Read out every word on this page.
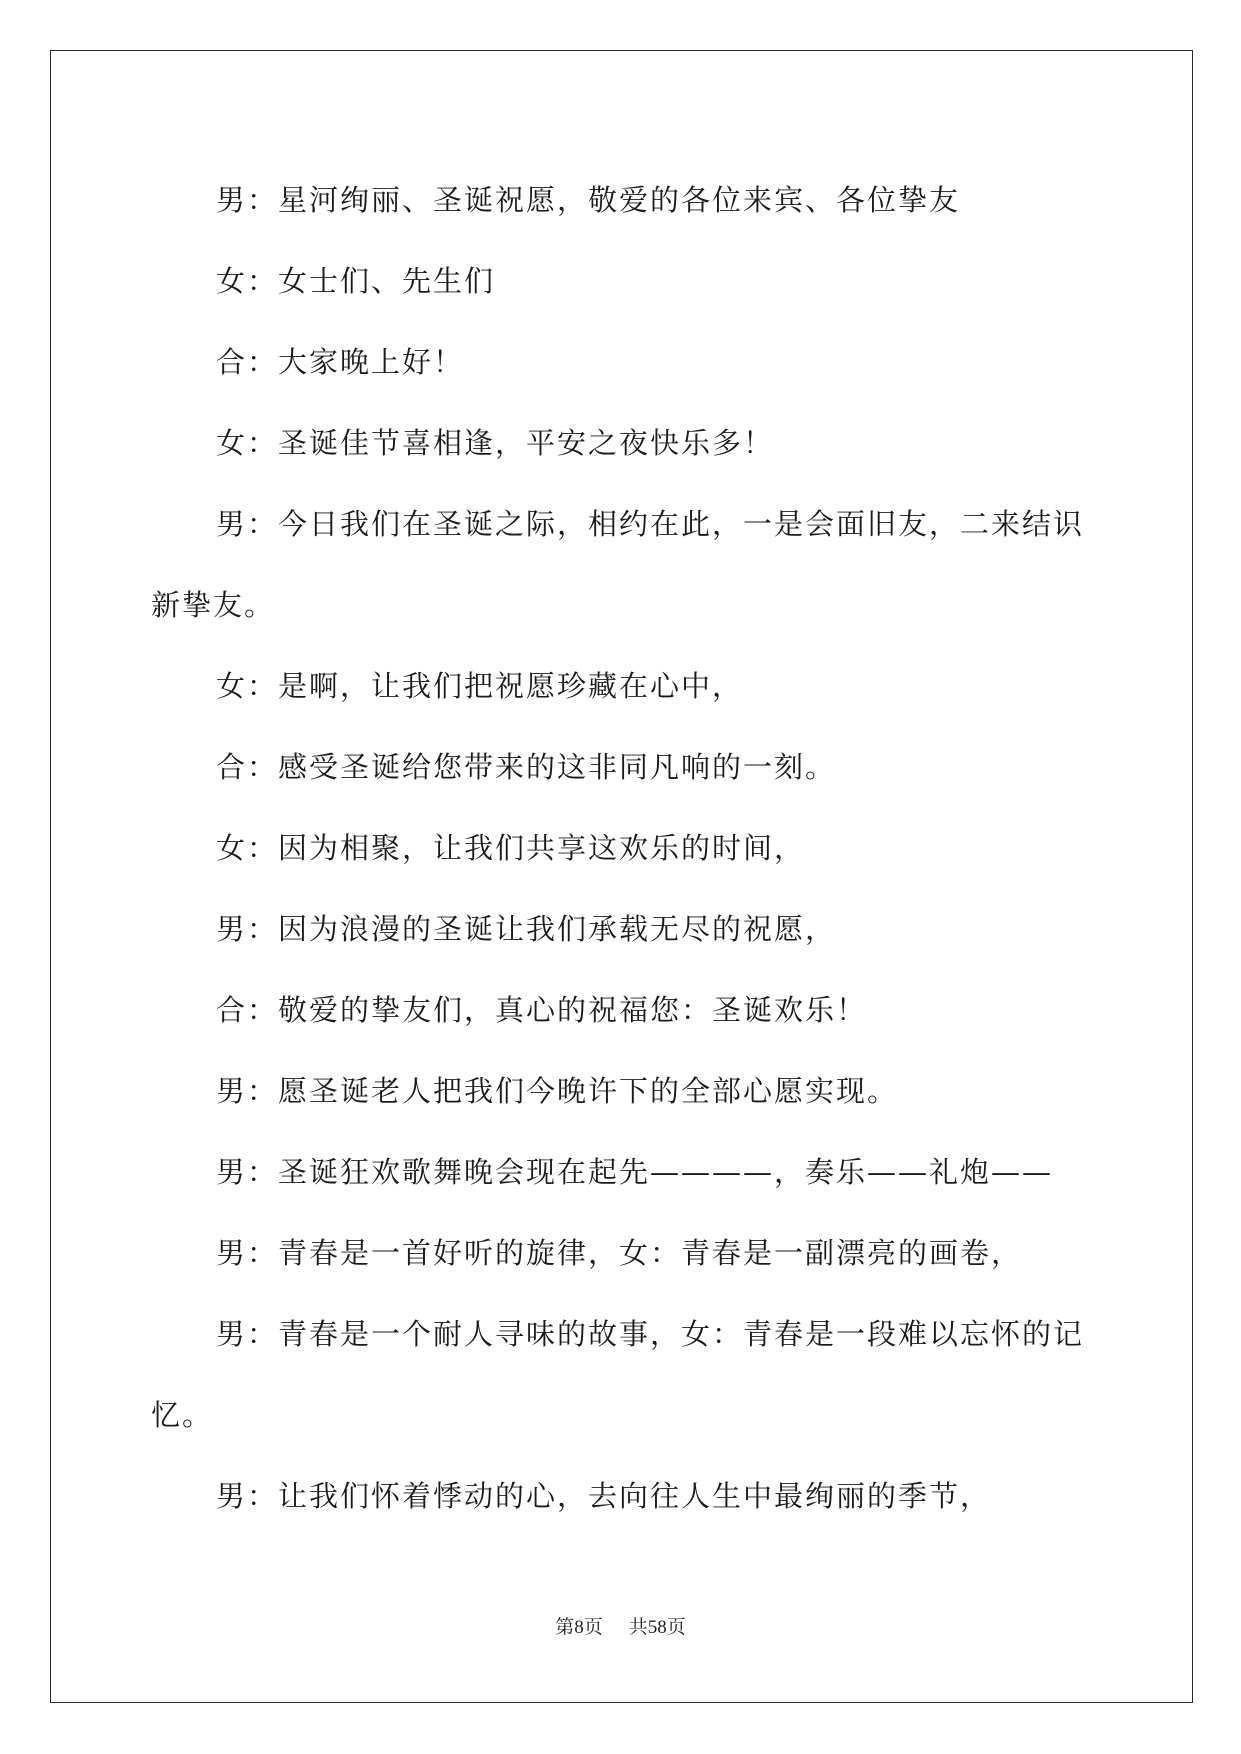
男：星河绚丽、圣诞祝愿，敬爱的各位来宾、各位挚友

女：女士们、先生们

合：大家晚上好！

女：圣诞佳节喜相逢，平安之夜快乐多！

男：今日我们在圣诞之际，相约在此，一是会面旧友，二来结识新挚友。

女：是啊，让我们把祝愿珍藏在心中，

合：感受圣诞给您带来的这非同凡响的一刻。

女：因为相聚，让我们共享这欢乐的时间，

男：因为浪漫的圣诞让我们承载无尽的祝愿，

合：敬爱的挚友们，真心的祝福您：圣诞欢乐！

男：愿圣诞老人把我们今晚许下的全部心愿实现。

男：圣诞狂欢歌舞晚会现在起先————，奏乐——礼炮——

男：青春是一首好听的旋律，女：青春是一副漂亮的画卷，

男：青春是一个耐人寻味的故事，女：青春是一段难以忘怀的记忆。

男：让我们怀着悸动的心，去向往人生中最绚丽的季节，

第8页 共58页
